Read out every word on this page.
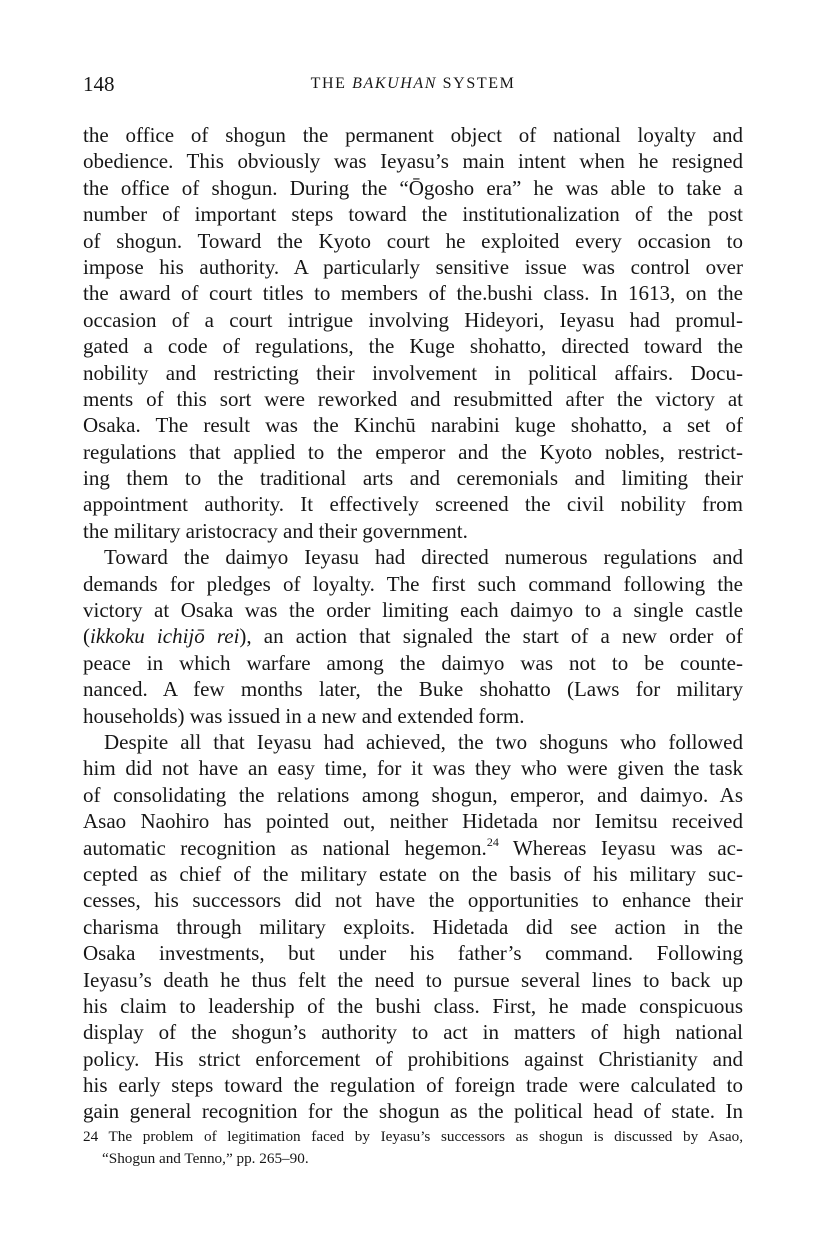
148	THE BAKUHAN SYSTEM
the office of shogun the permanent object of national loyalty and
obedience. This obviously was Ieyasu’s main intent when he resigned
the office of shogun. During the “Ōgosho era” he was able to take a
number of important steps toward the institutionalization of the post
of shogun. Toward the Kyoto court he exploited every occasion to
impose his authority. A particularly sensitive issue was control over
the award of court titles to members of the.bushi class. In 1613, on the
occasion of a court intrigue involving Hideyori, Ieyasu had promul-
gated a code of regulations, the Kuge shohatto, directed toward the
nobility and restricting their involvement in political affairs. Docu-
ments of this sort were reworked and resubmitted after the victory at
Osaka. The result was the Kinchū narabini kuge shohatto, a set of
regulations that applied to the emperor and the Kyoto nobles, restrict-
ing them to the traditional arts and ceremonials and limiting their
appointment authority. It effectively screened the civil nobility from
the military aristocracy and their government.
Toward the daimyo Ieyasu had directed numerous regulations and
demands for pledges of loyalty. The first such command following the
victory at Osaka was the order limiting each daimyo to a single castle
(ikkoku ichijō rei), an action that signaled the start of a new order of
peace in which warfare among the daimyo was not to be counte-
nanced. A few months later, the Buke shohatto (Laws for military
households) was issued in a new and extended form.
Despite all that Ieyasu had achieved, the two shoguns who followed
him did not have an easy time, for it was they who were given the task
of consolidating the relations among shogun, emperor, and daimyo. As
Asao Naohiro has pointed out, neither Hidetada nor Iemitsu received
automatic recognition as national hegemon.$^{24}$ Whereas Ieyasu was ac-
cepted as chief of the military estate on the basis of his military suc-
cesses, his successors did not have the opportunities to enhance their
charisma through military exploits. Hidetada did see action in the
Osaka investments, but under his father’s command. Following
Ieyasu’s death he thus felt the need to pursue several lines to back up
his claim to leadership of the bushi class. First, he made conspicuous
display of the shogun’s authority to act in matters of high national
policy. His strict enforcement of prohibitions against Christianity and
his early steps toward the regulation of foreign trade were calculated to
gain general recognition for the shogun as the political head of state. In
24 The problem of legitimation faced by Ieyasu’s successors as shogun is discussed by Asao,
“Shogun and Tenno,” pp. 265–90.
